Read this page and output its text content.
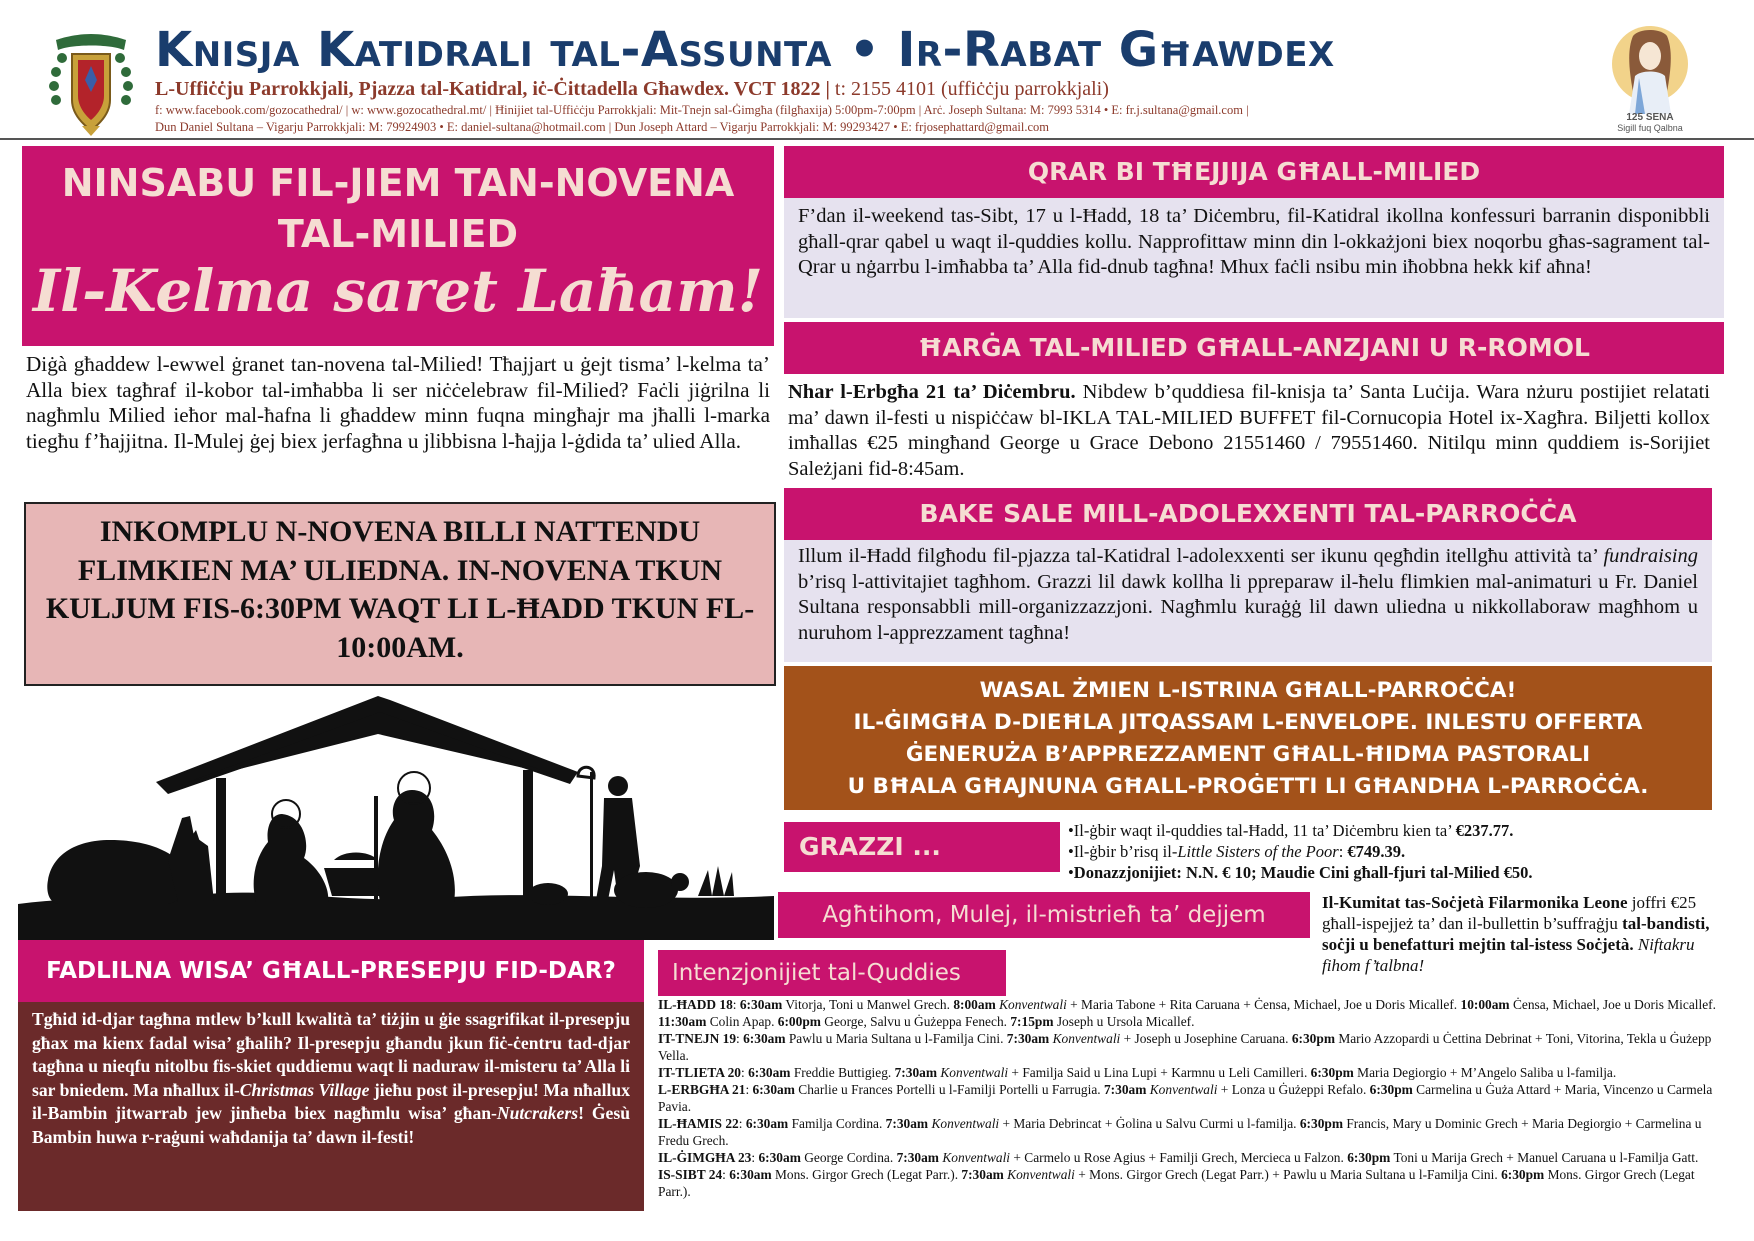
Knisja Katidrali tal-Assunta • Ir-Rabat Għawdex
L-Uffiċċju Parrokkjali, Pjazza tal-Katidral, iċ-Ċittadella Għawdex. VCT 1822 | t: 2155 4101 (uffiċċju parrokkjali)
f: www.facebook.com/gozocathedral/ | w: www.gozocathedral.mt/ | Ħinijiet tal-Uffiċċju Parrokkjali: Mit-Tnejn sal-Ġimgħa (filgħaxija) 5:00pm-7:00pm | Arċ. Joseph Sultana: M: 7993 5314 • E: fr.j.sultana@gmail.com |
Dun Daniel Sultana – Vigarju Parrokkjali: M: 79924903 • E: daniel-sultana@hotmail.com | Dun Joseph Attard – Vigarju Parrokkjali: M: 99293427 • E: frjosephattard@gmail.com
125 SENA
Sigill fuq Qalbna
NINSABU FIL-JIEM TAN-NOVENA TAL-MILIED
Il-Kelma saret Laħam!
Diġà għaddew l-ewwel ġranet tan-novena tal-Milied! Tħajjart u ġejt tisma’ l-kelma ta’ Alla biex tagħraf il-kobor tal-imħabba li ser niċċelebraw fil-Milied? Faċli jiġrilna li nagħmlu Milied ieħor mal-ħafna li għaddew minn fuqna mingħajr ma jħalli l-marka tiegħu f’ħajjitna. Il-Mulej ġej biex jerfagħna u jlibbisna l-ħajja l-ġdida ta’ ulied Alla.
INKOMPLU N-NOVENA BILLI NATTENDU FLIMKIEN MA’ ULIEDNA. IN-NOVENA TKUN KULJUM FIS-6:30PM WAQT LI L-ĦADD TKUN FL-10:00AM.
FADLILNA WISA’ GĦALL-PRESEPJU FID-DAR?
Tgħid id-djar tagħna mtlew b’kull kwalità ta’ tiżjin u ġie ssagrifikat il-presepju għax ma kienx fadal wisa’ għalih? Il-presepju għandu jkun fiċ-ċentru tad-djar tagħna u nieqfu nitolbu fis-skiet quddiemu waqt li naduraw il-misteru ta’ Alla li sar bniedem. Ma nħallux il-Christmas Village jieħu post il-presepju! Ma nħallux il-Bambin jitwarrab jew jinħeba biex nagħmlu wisa’ għan-Nutcrakers! Ġesù Bambin huwa r-raġuni waħdanija ta’ dawn il-festi!
QRAR BI TĦEJJIJA GĦALL-MILIED
F’dan il-weekend tas-Sibt, 17 u l-Ħadd, 18 ta’ Diċembru, fil-Katidral ikollna konfessuri barranin disponibbli għall-qrar qabel u waqt il-quddies kollu. Napprofittaw minn din l-okkażjoni biex noqorbu għas-sagrament tal-Qrar u nġarrbu l-imħabba ta’ Alla fid-dnub tagħna! Mhux faċli nsibu min iħobbna hekk kif aħna!
ĦARĠA TAL-MILIED GĦALL-ANZJANI U R-ROMOL
Nhar l-Erbgħa 21 ta’ Diċembru. Nibdew b’quddiesa fil-knisja ta’ Santa Luċija. Wara nżuru postijiet relatati ma’ dawn il-festi u nispiċċaw bl-IKLA TAL-MILIED BUFFET fil-Cornucopia Hotel ix-Xagħra. Biljetti kollox imħallas €25 mingħand George u Grace Debono 21551460 / 79551460. Nitilqu minn quddiem is-Sorijiet Sależjani fid-8:45am.
BAKE SALE MILL-ADOLEXXENTI TAL-PARROĊĊA
Illum il-Ħadd filgħodu fil-pjazza tal-Katidral l-adolexxenti ser ikunu qegħdin itellgħu attività ta’ fundraising b’risq l-attivitajiet tagħhom. Grazzi lil dawk kollha li ppreparaw il-ħelu flimkien mal-animaturi u Fr. Daniel Sultana responsabbli mill-organizzazzjoni. Nagħmlu kuraġġ lil dawn uliedna u nikkollaboraw magħhom u nuruhom l-apprezzament tagħna!
WASAL ŻMIEN L-ISTRINA GĦALL-PARROĊĊA!
IL-ĠIMGĦA D-DIEĦLA JITQASSAM L-ENVELOPE. INLESTU OFFERTA
ĠENERUŻA B’APPREZZAMENT GĦALL-ĦIDMA PASTORALI
U BĦALA GĦAJNUNA GĦALL-PROĠETTI LI GĦANDHA L-PARROĊĊA.
GRAZZI ...
• Il-ġbir waqt il-quddies tal-Ħadd, 11 ta’ Diċembru kien ta’ €237.77.
• Il-ġbir b’risq il-Little Sisters of the Poor: €749.39.
• Donazzjonijiet: N.N. € 10; Maudie Cini għall-fjuri tal-Milied €50.
Agħtihom, Mulej, il-mistrieħ ta’ dejjem	Il-Kumitat tas-Soċjetà Filarmonika Leone joffri €25 għall-ispejjeż ta’ dan il-bullettin b’suffraġju tal-bandisti, soċji u benefatturi mejtin tal-istess Soċjetà. Niftakru fihom f’talbna!
Intenzjonijiet tal-Quddies

IL-ĦADD 18: 6:30am Vitorja, Toni u Manwel Grech. 8:00am Konventwali + Maria Tabone + Rita Caruana + Ċensa, Michael, Joe u Doris Micallef. 10:00am Ċensa, Michael, Joe u Doris Micallef. 11:30am Colin Apap. 6:00pm George, Salvu u Ġużeppa Fenech. 7:15pm Joseph u Ursola Micallef.

IT-TNEJN 19: 6:30am Pawlu u Maria Sultana u l-Familja Cini. 7:30am Konventwali + Joseph u Josephine Caruana. 6:30pm Mario Azzopardi u Ċettina Debrinat + Toni, Vitorina, Tekla u Ġużepp Vella.

IT-TLIETA 20: 6:30am Freddie Buttigieg. 7:30am Konventwali + Familja Said u Lina Lupi + Karmnu u Leli Camilleri. 6:30pm Maria Degiorgio + M’Angelo Saliba u l-familja.

L-ERBGĦA 21: 6:30am Charlie u Frances Portelli u l-Familji Portelli u Farrugia. 7:30am Konventwali + Lonza u Ġużeppi Refalo. 6:30pm Carmelina u Ġuża Attard + Maria, Vincenzo u Carmela Pavia.

IL-ĦAMIS 22: 6:30am Familja Cordina. 7:30am Konventwali + Maria Debrincat + Ġolina u Salvu Curmi u l-familja. 6:30pm Francis, Mary u Dominic Grech + Maria Degiorgio + Carmelina u Fredu Grech.

IL-ĠIMGĦA 23: 6:30am George Cordina. 7:30am Konventwali + Carmelo u Rose Agius + Familji Grech, Mercieca u Falzon. 6:30pm Toni u Marija Grech + Manuel Caruana u l-Familja Gatt.

IS-SIBT 24: 6:30am Mons. Girgor Grech (Legat Parr.). 7:30am Konventwali + Mons. Girgor Grech (Legat Parr.) + Pawlu u Maria Sultana u l-Familja Cini. 6:30pm Mons. Girgor Grech (Legat Parr.).
